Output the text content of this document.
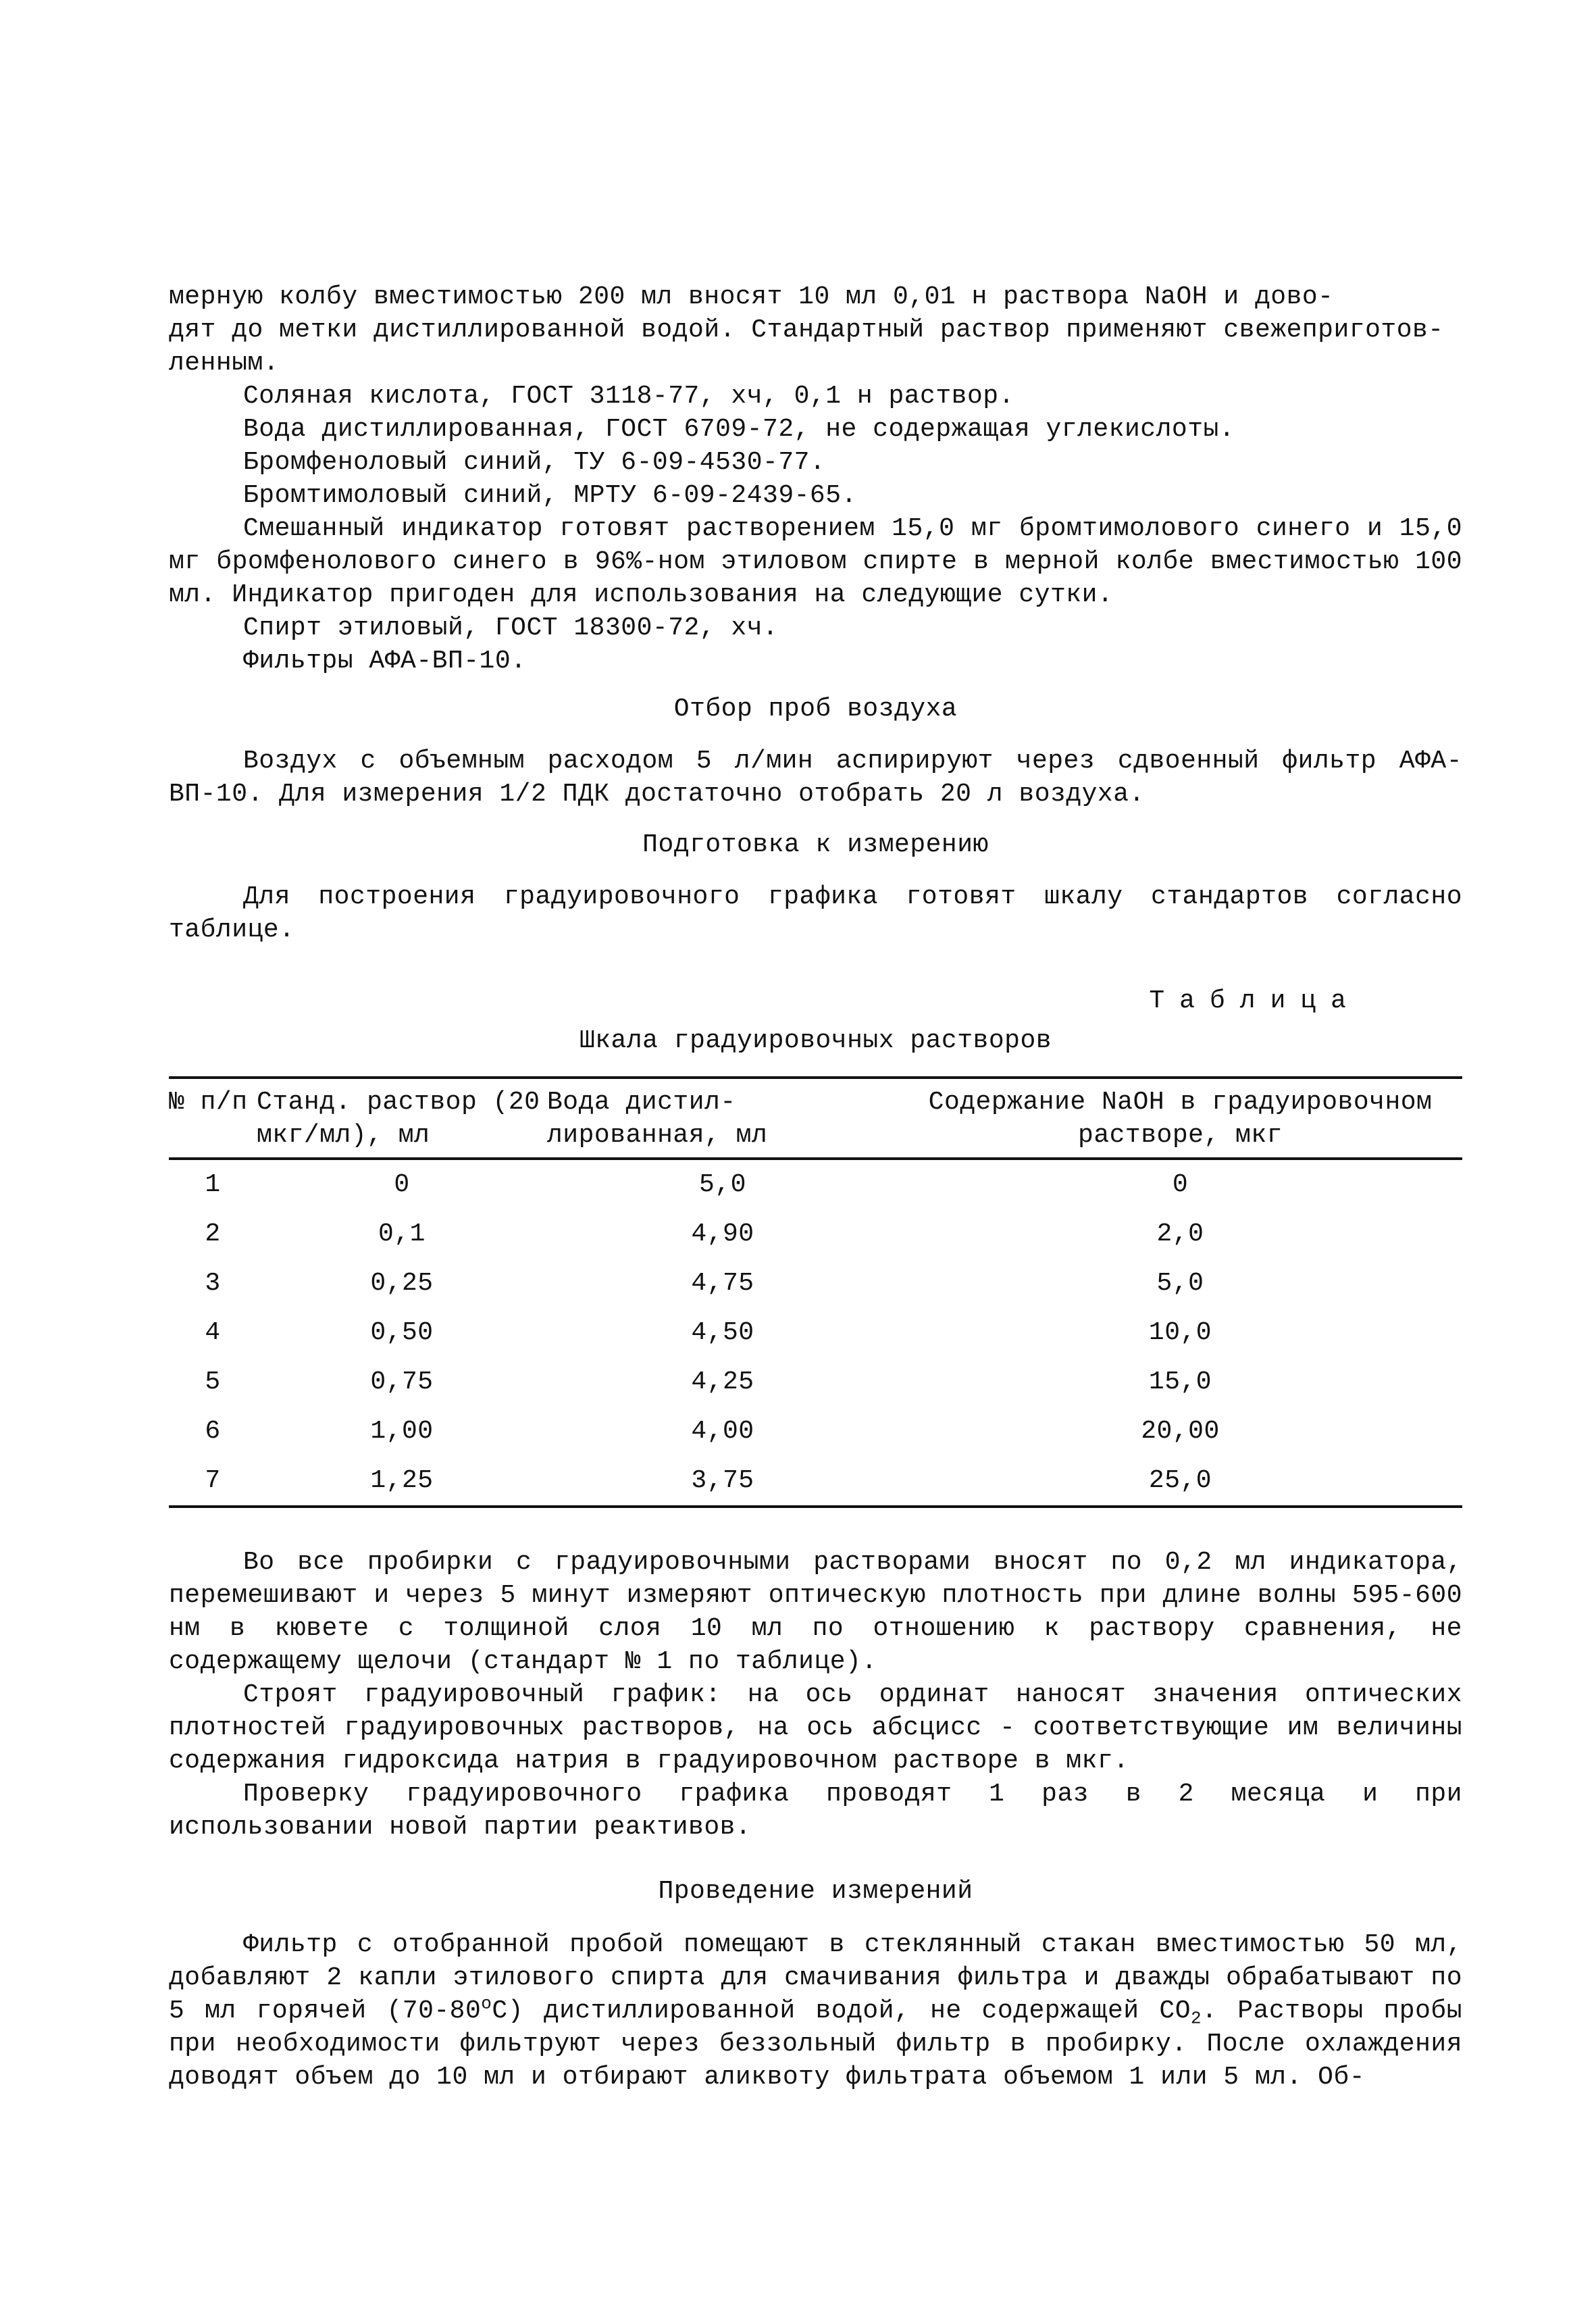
мерную колбу вместимостью 200 мл вносят 10 мл 0,01 н раствора NaOH и дово-

дят до метки дистиллированной водой. Стандартный раствор применяют свежеприготов-

ленным.

Соляная кислота, ГОСТ 3118-77, хч, 0,1 н раствор.

Вода дистиллированная, ГОСТ 6709-72, не содержащая углекислоты.

Бромфеноловый синий, ТУ 6-09-4530-77.

Бромтимоловый синий, МРТУ 6-09-2439-65.

Смешанный индикатор готовят растворением 15,0 мг бромтимолового синего и 15,0 мг бромфенолового синего в 96%-ном этиловом спирте в мерной колбе вместимостью 100 мл. Индикатор пригоден для использования на следующие сутки.

Спирт этиловый, ГОСТ 18300-72, хч.

Фильтры АФА-ВП-10.

Отбор проб воздуха

Воздух с объемным расходом 5 л/мин аспирируют через сдвоенный фильтр АФА-ВП-10. Для измерения 1/2 ПДК достаточно отобрать 20 л воздуха.

Подготовка к измерению

Для построения градуировочного графика готовят шкалу стандартов согласно таблице.

Таблица
Шкала градуировочных растворов
№ п/п	Станд. раствор (20 мкг/мл), мл	Вода дистил- лированная, мл	Содержание NaOH в градуировочном растворе, мкг
1	0	5,0	0
2	0,1	4,90	2,0
3	0,25	4,75	5,0
4	0,50	4,50	10,0
5	0,75	4,25	15,0
6	1,00	4,00	20,00
7	1,25	3,75	25,0

Во все пробирки с градуировочными растворами вносят по 0,2 мл индикатора, перемешивают и через 5 минут измеряют оптическую плотность при длине волны 595-600 нм в кювете с толщиной слоя 10 мл по отношению к раствору сравнения, не содержащему щелочи (стандарт № 1 по таблице).

Строят градуировочный график: на ось ординат наносят значения оптических плотностей градуировочных растворов, на ось абсцисс - соответствующие им величины содержания гидроксида натрия в градуировочном растворе в мкг.

Проверку градуировочного графика проводят 1 раз в 2 месяца и при использовании новой партии реактивов.

Проведение измерений

Фильтр с отобранной пробой помещают в стеклянный стакан вместимостью 50 мл, добавляют 2 капли этилового спирта для смачивания фильтра и дважды обрабатывают по 5 мл горячей $(70-80^оС)$ дистиллированной водой, не содержащей $СО_2$. Растворы пробы при необходимости фильтруют через беззольный фильтр в пробирку. После охлаждения доводят объем до 10 мл и отбирают аликвоту фильтрата объемом 1 или 5 мл. Об-
